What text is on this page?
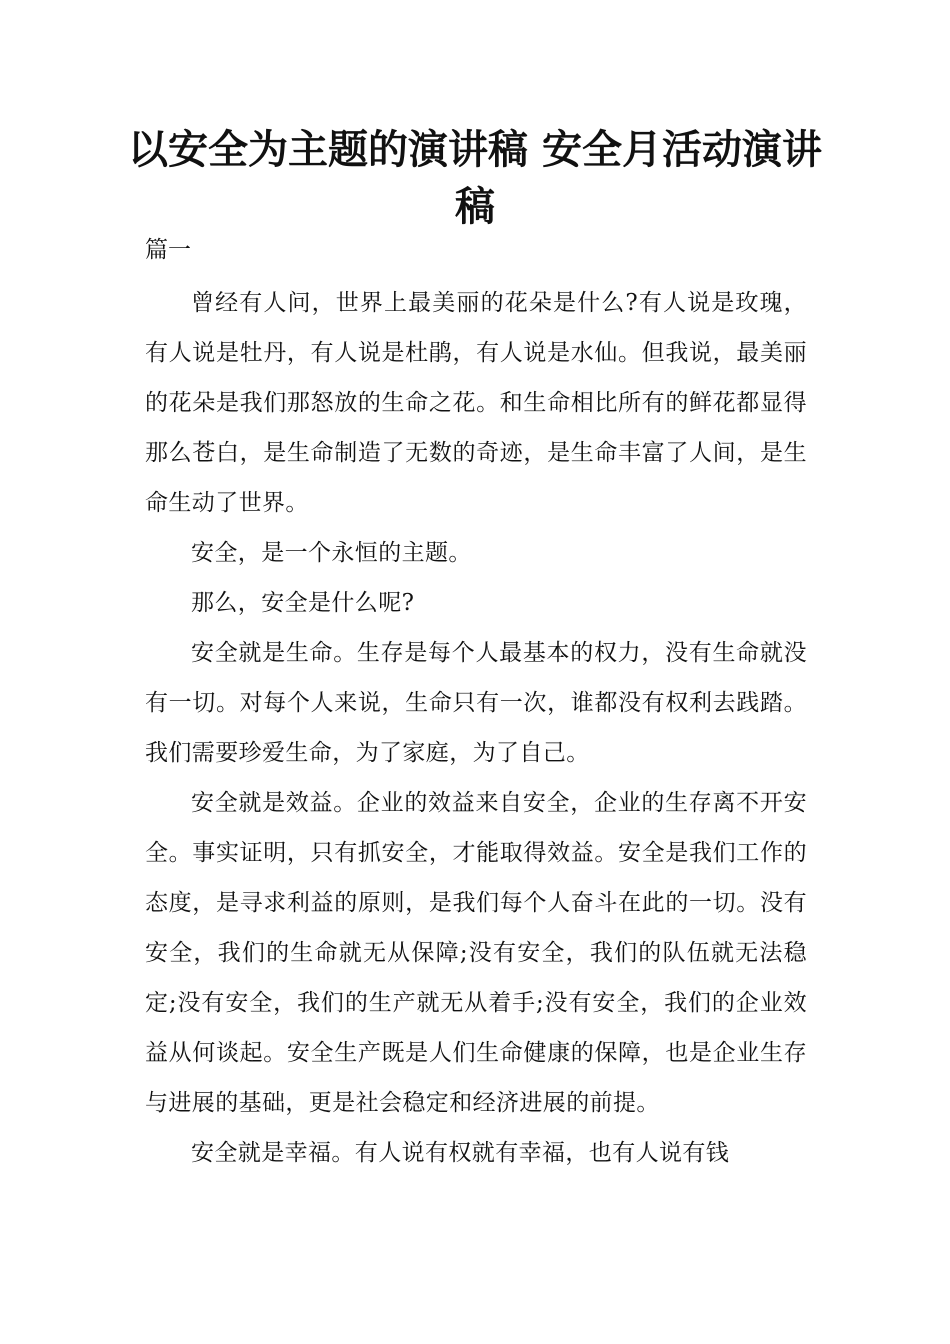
以安全为主题的演讲稿 安全月活动演讲稿

篇一

曾经有人问，世界上最美丽的花朵是什么?有人说是玫瑰，有人说是牡丹，有人说是杜鹃，有人说是水仙。但我说，最美丽的花朵是我们那怒放的生命之花。和生命相比所有的鲜花都显得那么苍白，是生命制造了无数的奇迹，是生命丰富了人间，是生命生动了世界。

安全，是一个永恒的主题。

那么，安全是什么呢?

安全就是生命。生存是每个人最基本的权力，没有生命就没有一切。对每个人来说，生命只有一次，谁都没有权利去践踏。我们需要珍爱生命，为了家庭，为了自己。

安全就是效益。企业的效益来自安全，企业的生存离不开安全。事实证明，只有抓安全，才能取得效益。安全是我们工作的态度，是寻求利益的原则，是我们每个人奋斗在此的一切。没有安全，我们的生命就无从保障;没有安全，我们的队伍就无法稳定;没有安全，我们的生产就无从着手;没有安全，我们的企业效益从何谈起。安全生产既是人们生命健康的保障，也是企业生存与进展的基础，更是社会稳定和经济进展的前提。

安全就是幸福。有人说有权就有幸福，也有人说有钱
